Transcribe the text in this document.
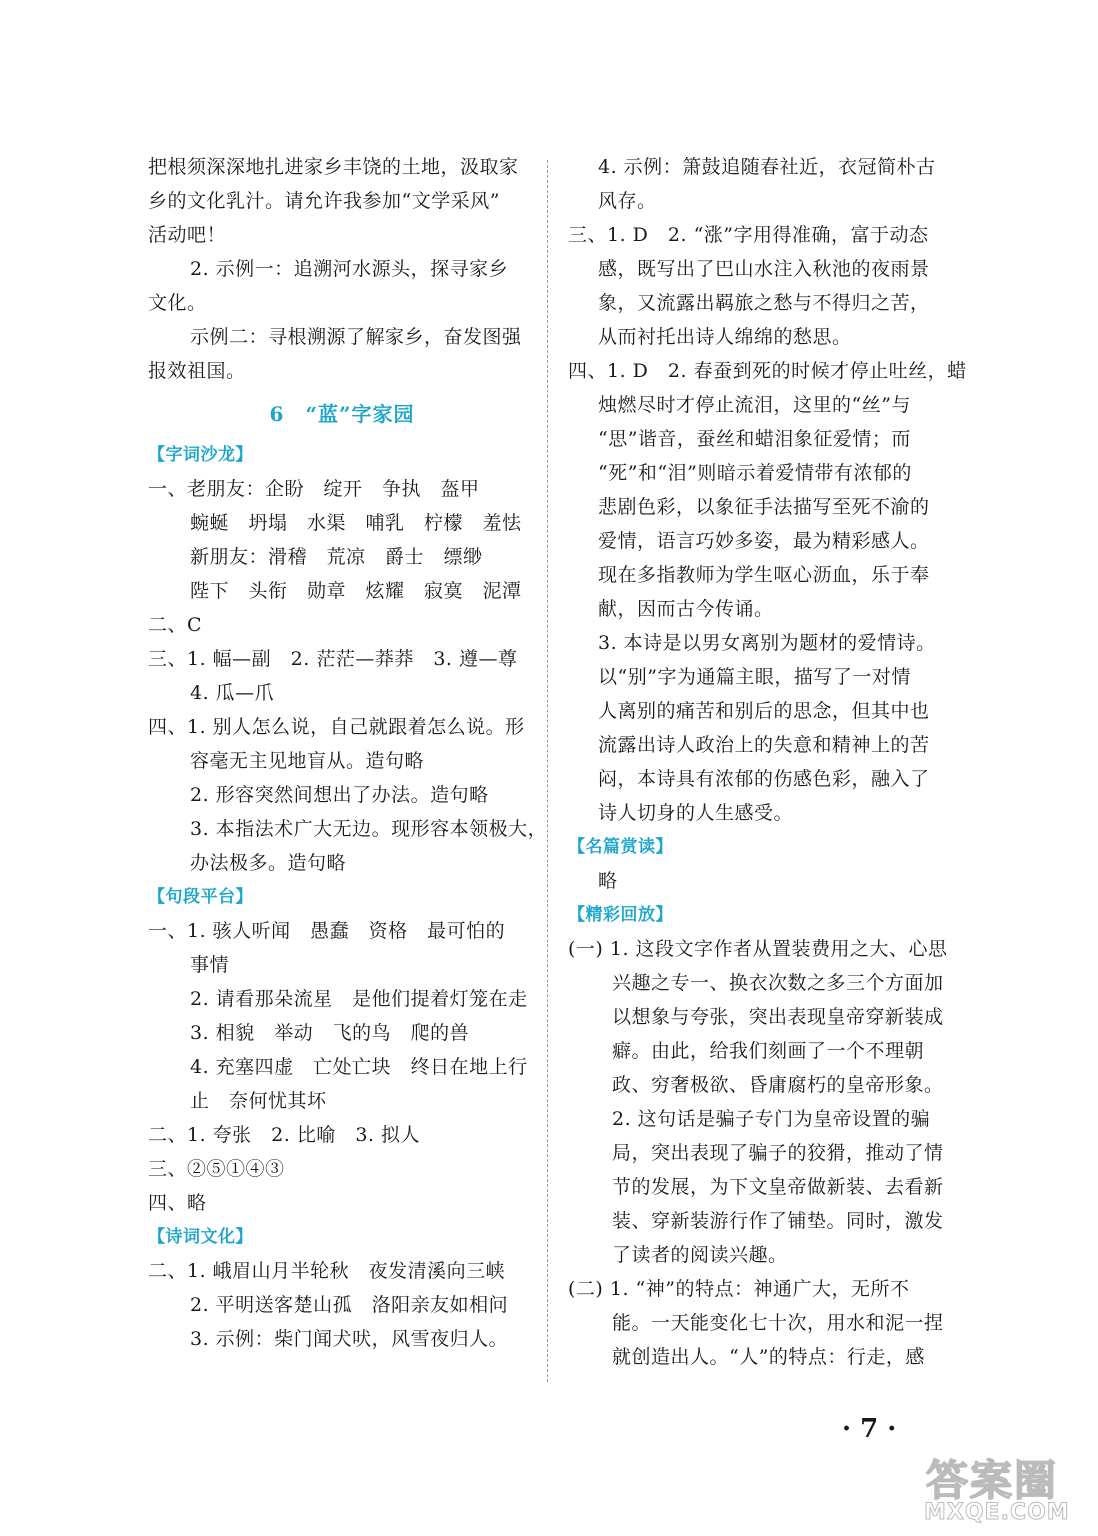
把根须深深地扎进家乡丰饶的土地，汲取家
乡的文化乳汁。请允许我参加“文学采风”
活动吧！
2. 示例一：追溯河水源头，探寻家乡
文化。
示例二：寻根溯源了解家乡，奋发图强
报效祖国。
6　“蓝”字家园
【字词沙龙】
一、老朋友：企盼　绽开　争执　盔甲
蜿蜒　坍塌　水渠　哺乳　柠檬　羞怯
新朋友：滑稽　荒凉　爵士　缥缈
陛下　头衔　勋章　炫耀　寂寞　泥潭
二、C
三、1. 幅—副　2. 茫茫—莽莽　3. 遵—尊
4. 瓜—爪
四、1. 别人怎么说，自己就跟着怎么说。形
容毫无主见地盲从。造句略
2. 形容突然间想出了办法。造句略
3. 本指法术广大无边。现形容本领极大，
办法极多。造句略
【句段平台】
一、1. 骇人听闻　愚蠢　资格　最可怕的
事情
2. 请看那朵流星　是他们提着灯笼在走
3. 相貌　举动　飞的鸟　爬的兽
4. 充塞四虚　亡处亡块　终日在地上行
止　奈何忧其坏
二、1. 夸张　2. 比喻　3. 拟人
三、②⑤①④③
四、略
【诗词文化】
二、1. 峨眉山月半轮秋　夜发清溪向三峡
2. 平明送客楚山孤　洛阳亲友如相问
3. 示例：柴门闻犬吠，风雪夜归人。
4. 示例：箫鼓追随春社近，衣冠简朴古
风存。
三、1. D　2. “涨”字用得准确，富于动态
感，既写出了巴山水注入秋池的夜雨景
象，又流露出羁旅之愁与不得归之苦，
从而衬托出诗人绵绵的愁思。
四、1. D　2. 春蚕到死的时候才停止吐丝，蜡
烛燃尽时才停止流泪，这里的“丝”与
“思”谐音，蚕丝和蜡泪象征爱情；而
“死”和“泪”则暗示着爱情带有浓郁的
悲剧色彩，以象征手法描写至死不渝的
爱情，语言巧妙多姿，最为精彩感人。
现在多指教师为学生呕心沥血，乐于奉
献，因而古今传诵。
3. 本诗是以男女离别为题材的爱情诗。
以“别”字为通篇主眼，描写了一对情
人离别的痛苦和别后的思念，但其中也
流露出诗人政治上的失意和精神上的苦
闷，本诗具有浓郁的伤感色彩，融入了
诗人切身的人生感受。
【名篇赏读】
略
【精彩回放】
(一) 1. 这段文字作者从置装费用之大、心思
兴趣之专一、换衣次数之多三个方面加
以想象与夸张，突出表现皇帝穿新装成
癖。由此，给我们刻画了一个不理朝
政、穷奢极欲、昏庸腐朽的皇帝形象。
2. 这句话是骗子专门为皇帝设置的骗
局，突出表现了骗子的狡猾，推动了情
节的发展，为下文皇帝做新装、去看新
装、穿新装游行作了铺垫。同时，激发
了读者的阅读兴趣。
(二) 1. “神”的特点：神通广大，无所不
能。一天能变化七十次，用水和泥一捏
就创造出人。“人”的特点：行走，感
· 7 ·
答案圈
MXQE.COM
